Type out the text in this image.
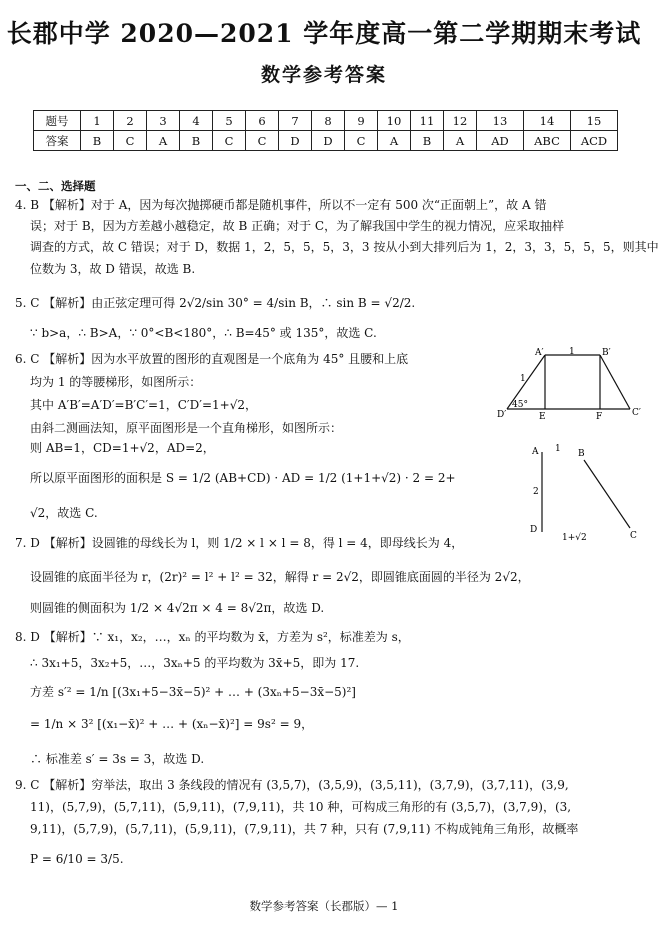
长郡中学 2020—2021 学年度高一第二学期期末考试
数学参考答案
题号	1	2	3	4	5	6	7	8	9	10	11	12	13	14	15
答案	B	C	A	B	C	C	D	D	C	A	B	A	AD	ABC	ACD
一、二、选择题
4. B 【解析】对于 A，因为每次抛掷硬币都是随机事件，所以不一定有 500 次“正面朝上”，故 A 错
误；对于 B，因为方差越小越稳定，故 B 正确；对于 C，为了解我国中学生的视力情况，应采取抽样
调查的方式，故 C 错误；对于 D，数据 1，2，5，5，5，3，3 按从小到大排列后为 1，2，3，3，5，5，5，则其中
位数为 3，故 D 错误，故选 B.
5. C 【解析】由正弦定理可得 2√2/sin 30° = 4/sin B，∴ sin B = √2/2.
∵ b>a，∴ B>A，∵ 0°<B<180°，∴ B=45° 或 135°，故选 C.
6. C 【解析】因为水平放置的图形的直观图是一个底角为 45° 且腰和上底
均为 1 的等腰梯形，如图所示：
其中 A′B′=A′D′=B′C′=1，C′D′=1+√2，
由斜二测画法知，原平面图形是一个直角梯形，如图所示：
则 AB=1，CD=1+√2，AD=2，
所以原平面图形的面积是 S = 1/2 (AB+CD) · AD = 1/2 (1+1+√2) · 2 = 2+
√2，故选 C.
7. D 【解析】设圆锥的母线长为 l，则 1/2 × l × l = 8，得 l = 4，即母线长为 4，
设圆锥的底面半径为 r，(2r)² = l² + l² = 32，解得 r = 2√2，即圆锥底面圆的半径为 2√2，
则圆锥的侧面积为 1/2 × 4√2π × 4 = 8√2π，故选 D.
8. D 【解析】∵ x₁，x₂，…，xₙ 的平均数为 x̄，方差为 s²，标准差为 s，
∴ 3x₁+5，3x₂+5，…，3xₙ+5 的平均数为 3x̄+5，即为 17.
方差 s′² = 1/n [(3x₁+5−3x̄−5)² + … + (3xₙ+5−3x̄−5)²]
= 1/n × 3² [(x₁−x̄)² + … + (xₙ−x̄)²] = 9s² = 9，
∴ 标准差 s′ = 3s = 3，故选 D.
9. C 【解析】穷举法，取出 3 条线段的情况有 (3,5,7)，(3,5,9)，(3,5,11)，(3,7,9)，(3,7,11)，(3,9,
11)，(5,7,9)，(5,7,11)，(5,9,11)，(7,9,11)，共 10 种，可构成三角形的有 (3,5,7)，(3,7,9)，(3,
9,11)，(5,7,9)，(5,7,11)，(5,9,11)，(7,9,11)，共 7 种，只有 (7,9,11) 不构成钝角三角形，故概率
P = 6/10 = 3/5.
A′	B′
C′
D′	E	F
1
1
45°
A	B
C
D
1
2
1+√2
数学参考答案（长郡版）— 1
